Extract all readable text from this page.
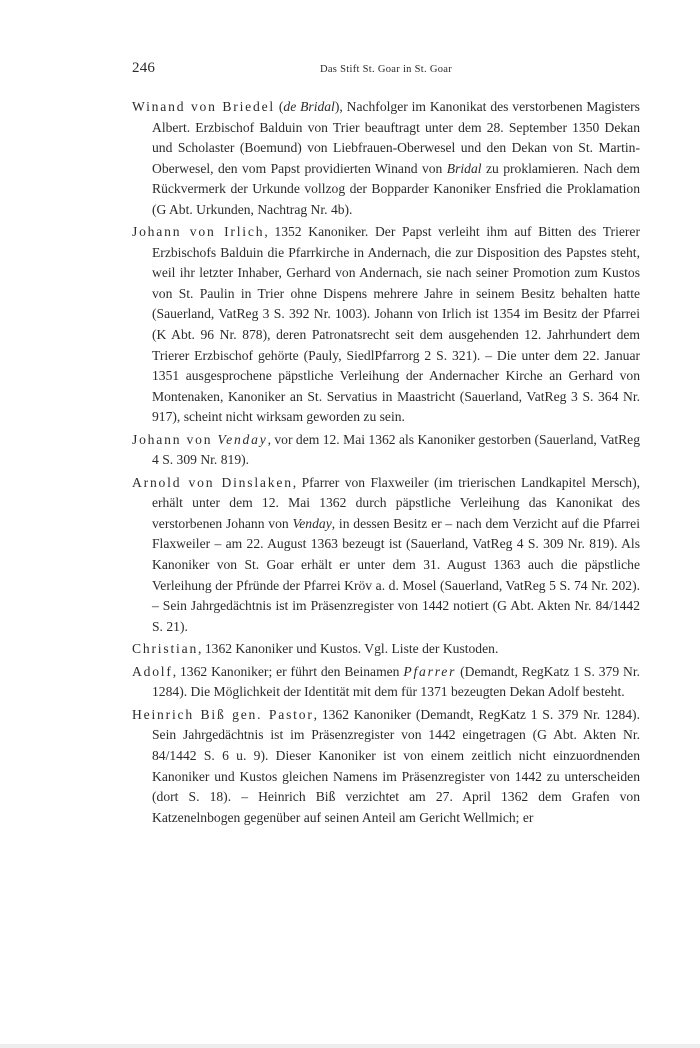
246	Das Stift St. Goar in St. Goar

Winand von Briedel (de Bridal), Nachfolger im Kanonikat des verstorbenen Magisters Albert. Erzbischof Balduin von Trier beauftragt unter dem 28. September 1350 Dekan und Scholaster (Boemund) von Liebfrauen-Oberwesel und den Dekan von St. Martin-Oberwesel, den vom Papst providierten Winand von Bridal zu proklamieren. Nach dem Rückvermerk der Urkunde vollzog der Bopparder Kanoniker Ensfried die Proklamation (G Abt. Urkunden, Nachtrag Nr. 4b).

Johann von Irlich, 1352 Kanoniker. Der Papst verleiht ihm auf Bitten des Trierer Erzbischofs Balduin die Pfarrkirche in Andernach, die zur Disposition des Papstes steht, weil ihr letzter Inhaber, Gerhard von Andernach, sie nach seiner Promotion zum Kustos von St. Paulin in Trier ohne Dispens mehrere Jahre in seinem Besitz behalten hatte (Sauerland, VatReg 3 S. 392 Nr. 1003). Johann von Irlich ist 1354 im Besitz der Pfarrei (K Abt. 96 Nr. 878), deren Patronatsrecht seit dem ausgehenden 12. Jahrhundert dem Trierer Erzbischof gehörte (Pauly, SiedlPfarrorg 2 S. 321). – Die unter dem 22. Januar 1351 ausgesprochene päpstliche Verleihung der Andernacher Kirche an Gerhard von Montenaken, Kanoniker an St. Servatius in Maastricht (Sauerland, VatReg 3 S. 364 Nr. 917), scheint nicht wirksam geworden zu sein.

Johann von Venday, vor dem 12. Mai 1362 als Kanoniker gestorben (Sauerland, VatReg 4 S. 309 Nr. 819).

Arnold von Dinslaken, Pfarrer von Flaxweiler (im trierischen Landkapitel Mersch), erhält unter dem 12. Mai 1362 durch päpstliche Verleihung das Kanonikat des verstorbenen Johann von Venday, in dessen Besitz er – nach dem Verzicht auf die Pfarrei Flaxweiler – am 22. August 1363 bezeugt ist (Sauerland, VatReg 4 S. 309 Nr. 819). Als Kanoniker von St. Goar erhält er unter dem 31. August 1363 auch die päpstliche Verleihung der Pfründe der Pfarrei Kröv a. d. Mosel (Sauerland, VatReg 5 S. 74 Nr. 202). – Sein Jahrgedächtnis ist im Präsenzregister von 1442 notiert (G Abt. Akten Nr. 84/1442 S. 21).

Christian, 1362 Kanoniker und Kustos. Vgl. Liste der Kustoden.

Adolf, 1362 Kanoniker; er führt den Beinamen Pfarrer (Demandt, RegKatz 1 S. 379 Nr. 1284). Die Möglichkeit der Identität mit dem für 1371 bezeugten Dekan Adolf besteht.

Heinrich Biß gen. Pastor, 1362 Kanoniker (Demandt, RegKatz 1 S. 379 Nr. 1284). Sein Jahrgedächtnis ist im Präsenzregister von 1442 eingetragen (G Abt. Akten Nr. 84/1442 S. 6 u. 9). Dieser Kanoniker ist von einem zeitlich nicht einzuordnenden Kanoniker und Kustos gleichen Namens im Präsenzregister von 1442 zu unterscheiden (dort S. 18). – Heinrich Biß verzichtet am 27. April 1362 dem Grafen von Katzenelnbogen gegenüber auf seinen Anteil am Gericht Wellmich; er
